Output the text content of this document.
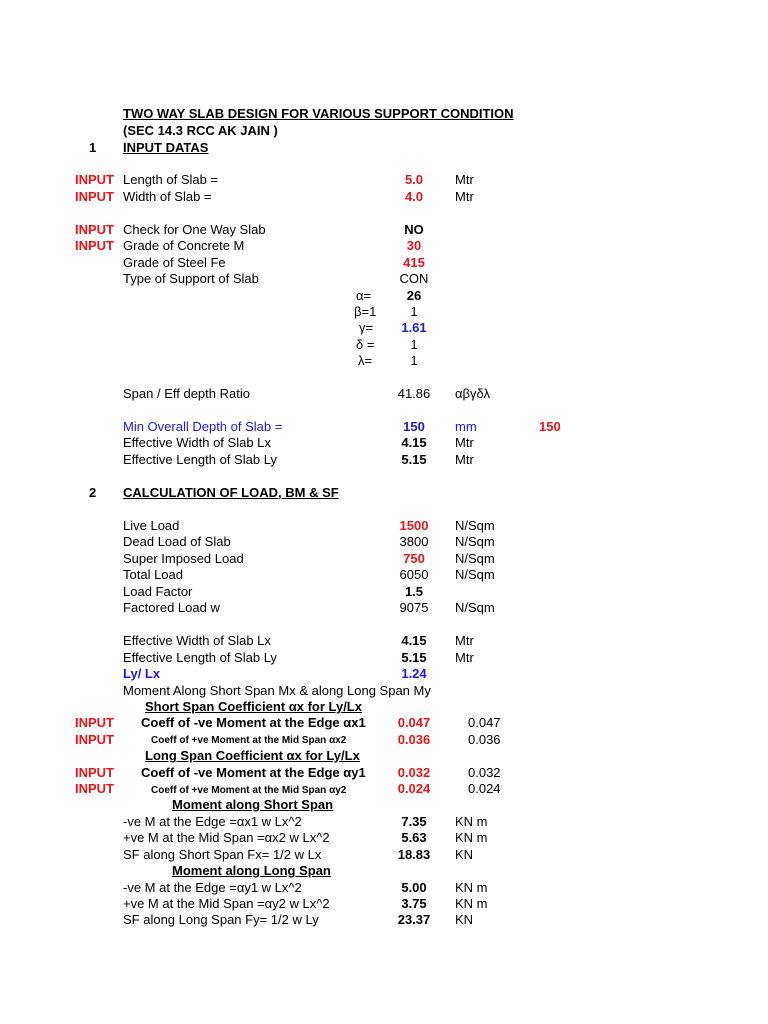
TWO WAY SLAB DESIGN FOR VARIOUS SUPPORT CONDITION
(SEC 14.3 RCC AK JAIN )
1 INPUT DATAS
INPUT Length of Slab =	5.0	Mtr
INPUT Width of Slab =	4.0	Mtr
INPUT Check for One Way Slab	NO
INPUT Grade of Concrete M	30
Grade of Steel Fe	415
Type of Support of Slab	CON
α=	26
β=1	1
γ=	1.61
δ =	1
λ=	1
Span / Eff depth Ratio	41.86	αβγδλ
Min Overall Depth of Slab =	150	mm	150
Effective Width of Slab Lx	4.15	Mtr
Effective Length of Slab Ly	5.15	Mtr
2 CALCULATION OF LOAD, BM & SF
Live Load	1500	N/Sqm
Dead Load of Slab	3800	N/Sqm
Super Imposed Load	750	N/Sqm
Total Load	6050	N/Sqm
Load Factor	1.5
Factored Load w	9075	N/Sqm
Effective Width of Slab Lx	4.15	Mtr
Effective Length of Slab Ly	5.15	Mtr
Ly/ Lx	1.24
Moment Along Short Span Mx & along Long Span My
Short Span Coefficient αx for Ly/Lx
INPUT Coeff of -ve Moment at the Edge αx1	0.047	0.047
INPUT	Coeff of +ve Moment at the Mid Span αx2	0.036	0.036
Long Span Coefficient αx for Ly/Lx
INPUT Coeff of -ve Moment at the Edge αy1	0.032	0.032
INPUT	Coeff of +ve Moment at the Mid Span αy2	0.024	0.024
Moment along Short Span
-ve M at the Edge =αx1 w Lx^2	7.35	KN m
+ve M at the Mid Span =αx2 w Lx^2	5.63	KN m
SF along Short Span Fx= 1/2 w Lx	18.83	KN
Moment along Long Span
-ve M at the Edge =αy1 w Lx^2	5.00	KN m
+ve M at the Mid Span =αy2 w Lx^2	3.75	KN m
SF along Long Span Fy= 1/2 w Ly	23.37	KN
